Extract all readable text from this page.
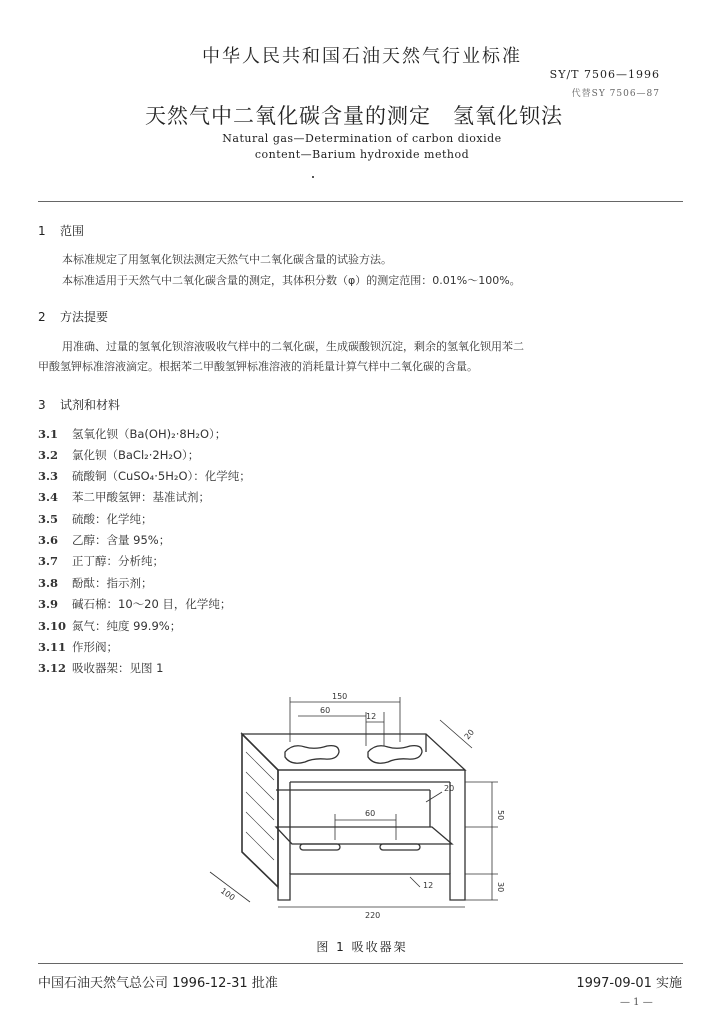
中华人民共和国石油天然气行业标准
SY/T 7506—1996
代替SY 7506—87
天然气中二氧化碳含量的测定 氢氧化钡法
Natural gas—Determination of carbon dioxide
content—Barium hydroxide method
1 范围
本标准规定了用氢氧化钡法测定天然气中二氧化碳含量的试验方法。
本标准适用于天然气中二氧化碳含量的测定，其体积分数（φ）的测定范围：0.01%～100%。
2 方法提要
用准确、过量的氢氧化钡溶液吸收气样中的二氧化碳，生成碳酸钡沉淀，剩余的氢氧化钡用苯二
甲酸氢钾标准溶液滴定。根据苯二甲酸氢钾标准溶液的消耗量计算气样中二氧化碳的含量。
3 试剂和材料
3.1 氢氧化钡（Ba(OH)₂·8H₂O）；
3.2 氯化钡（BaCl₂·2H₂O）；
3.3 硫酸铜（CuSO₄·5H₂O）：化学纯；
3.4 苯二甲酸氢钾：基准试剂；
3.5 硫酸：化学纯；
3.6 乙醇：含量 95%；
3.7 正丁醇：分析纯；
3.8 酚酞：指示剂；
3.9 碱石棉：10～20 目，化学纯；
3.10 氮气：纯度 99.9%；
3.11 作形阀；
3.12 吸收器架：见图 1
150
60
12
20
20
50
60
30
12
100
220
图 1 吸收器架
中国石油天然气总公司 1996-12-31 批准	1997-09-01 实施
— 1 —
